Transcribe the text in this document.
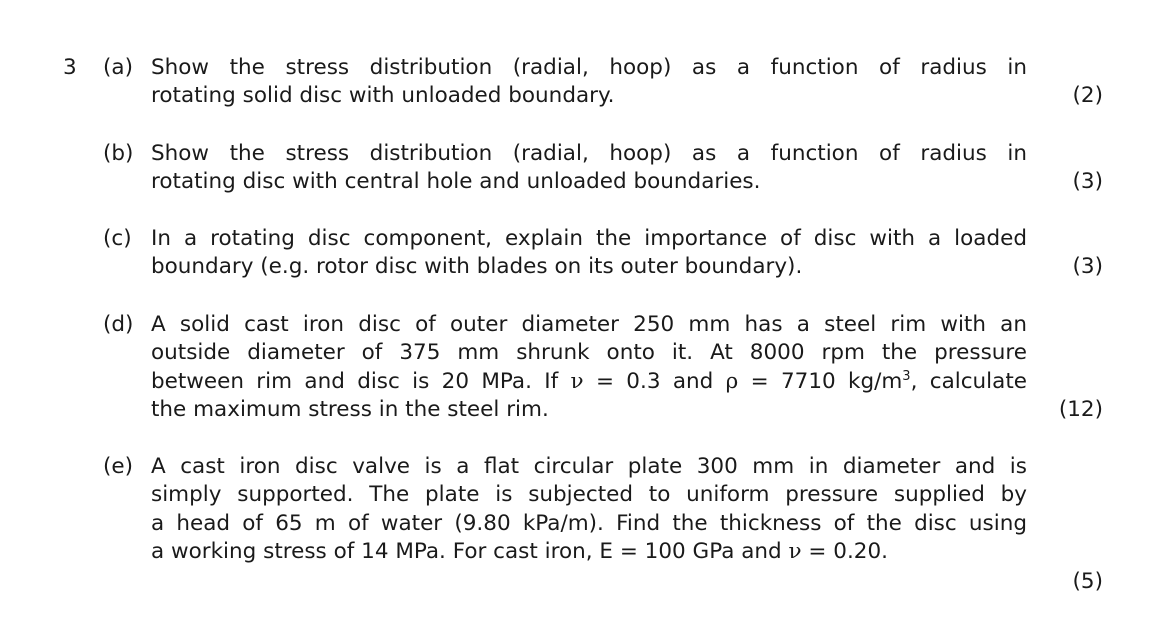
3 (a) Show the stress distribution (radial, hoop) as a function of radius in
rotating solid disc with unloaded boundary.	(2)
(b) Show the stress distribution (radial, hoop) as a function of radius in
rotating disc with central hole and unloaded boundaries.	(3)
(c) In a rotating disc component, explain the importance of disc with a loaded
boundary (e.g. rotor disc with blades on its outer boundary).	(3)
(d) A solid cast iron disc of outer diameter 250 mm has a steel rim with an
outside diameter of 375 mm shrunk onto it. At 8000 rpm the pressure
between rim and disc is 20 MPa. If ν = 0.3 and ρ = 7710 $kg/m^3$, calculate
the maximum stress in the steel rim.	(12)
(e) A cast iron disc valve is a flat circular plate 300 mm in diameter and is
simply supported. The plate is subjected to uniform pressure supplied by
a head of 65 m of water (9.80 kPa/m). Find the thickness of the disc using
a working stress of 14 MPa. For cast iron, E = 100 GPa and ν = 0.20.
(5)
